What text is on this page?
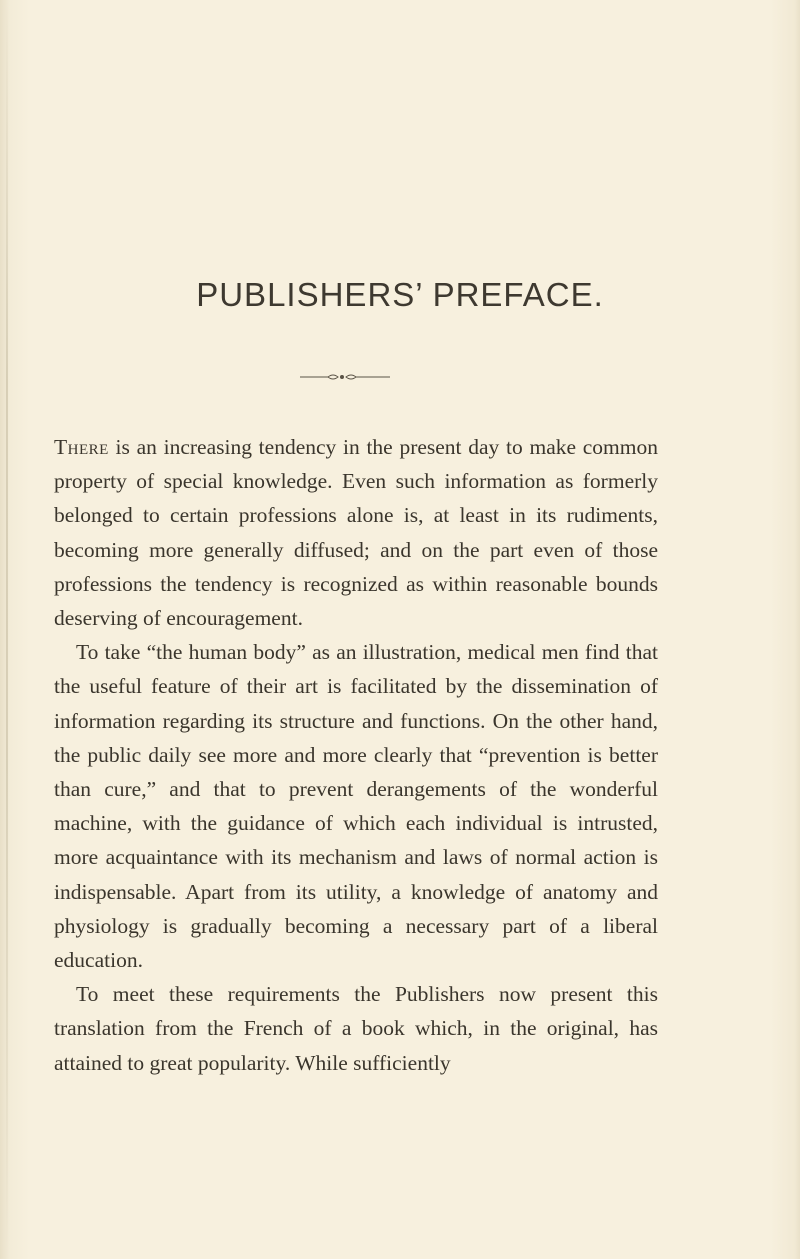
PUBLISHERS’ PREFACE.

There is an increasing tendency in the present day to make common property of special knowledge. Even such information as formerly belonged to certain professions alone is, at least in its rudiments, becoming more generally diffused; and on the part even of those professions the tendency is recognized as within reasonable bounds deserving of encouragement.

To take “the human body” as an illustration, medical men find that the useful feature of their art is facilitated by the dissemination of information regarding its structure and functions. On the other hand, the public daily see more and more clearly that “prevention is better than cure,” and that to prevent derangements of the wonderful machine, with the guidance of which each individual is intrusted, more acquaintance with its mechanism and laws of normal action is indispensable. Apart from its utility, a knowledge of anatomy and physiology is gradually becoming a necessary part of a liberal education.

To meet these requirements the Publishers now present this translation from the French of a book which, in the original, has attained to great popularity. While sufficiently
